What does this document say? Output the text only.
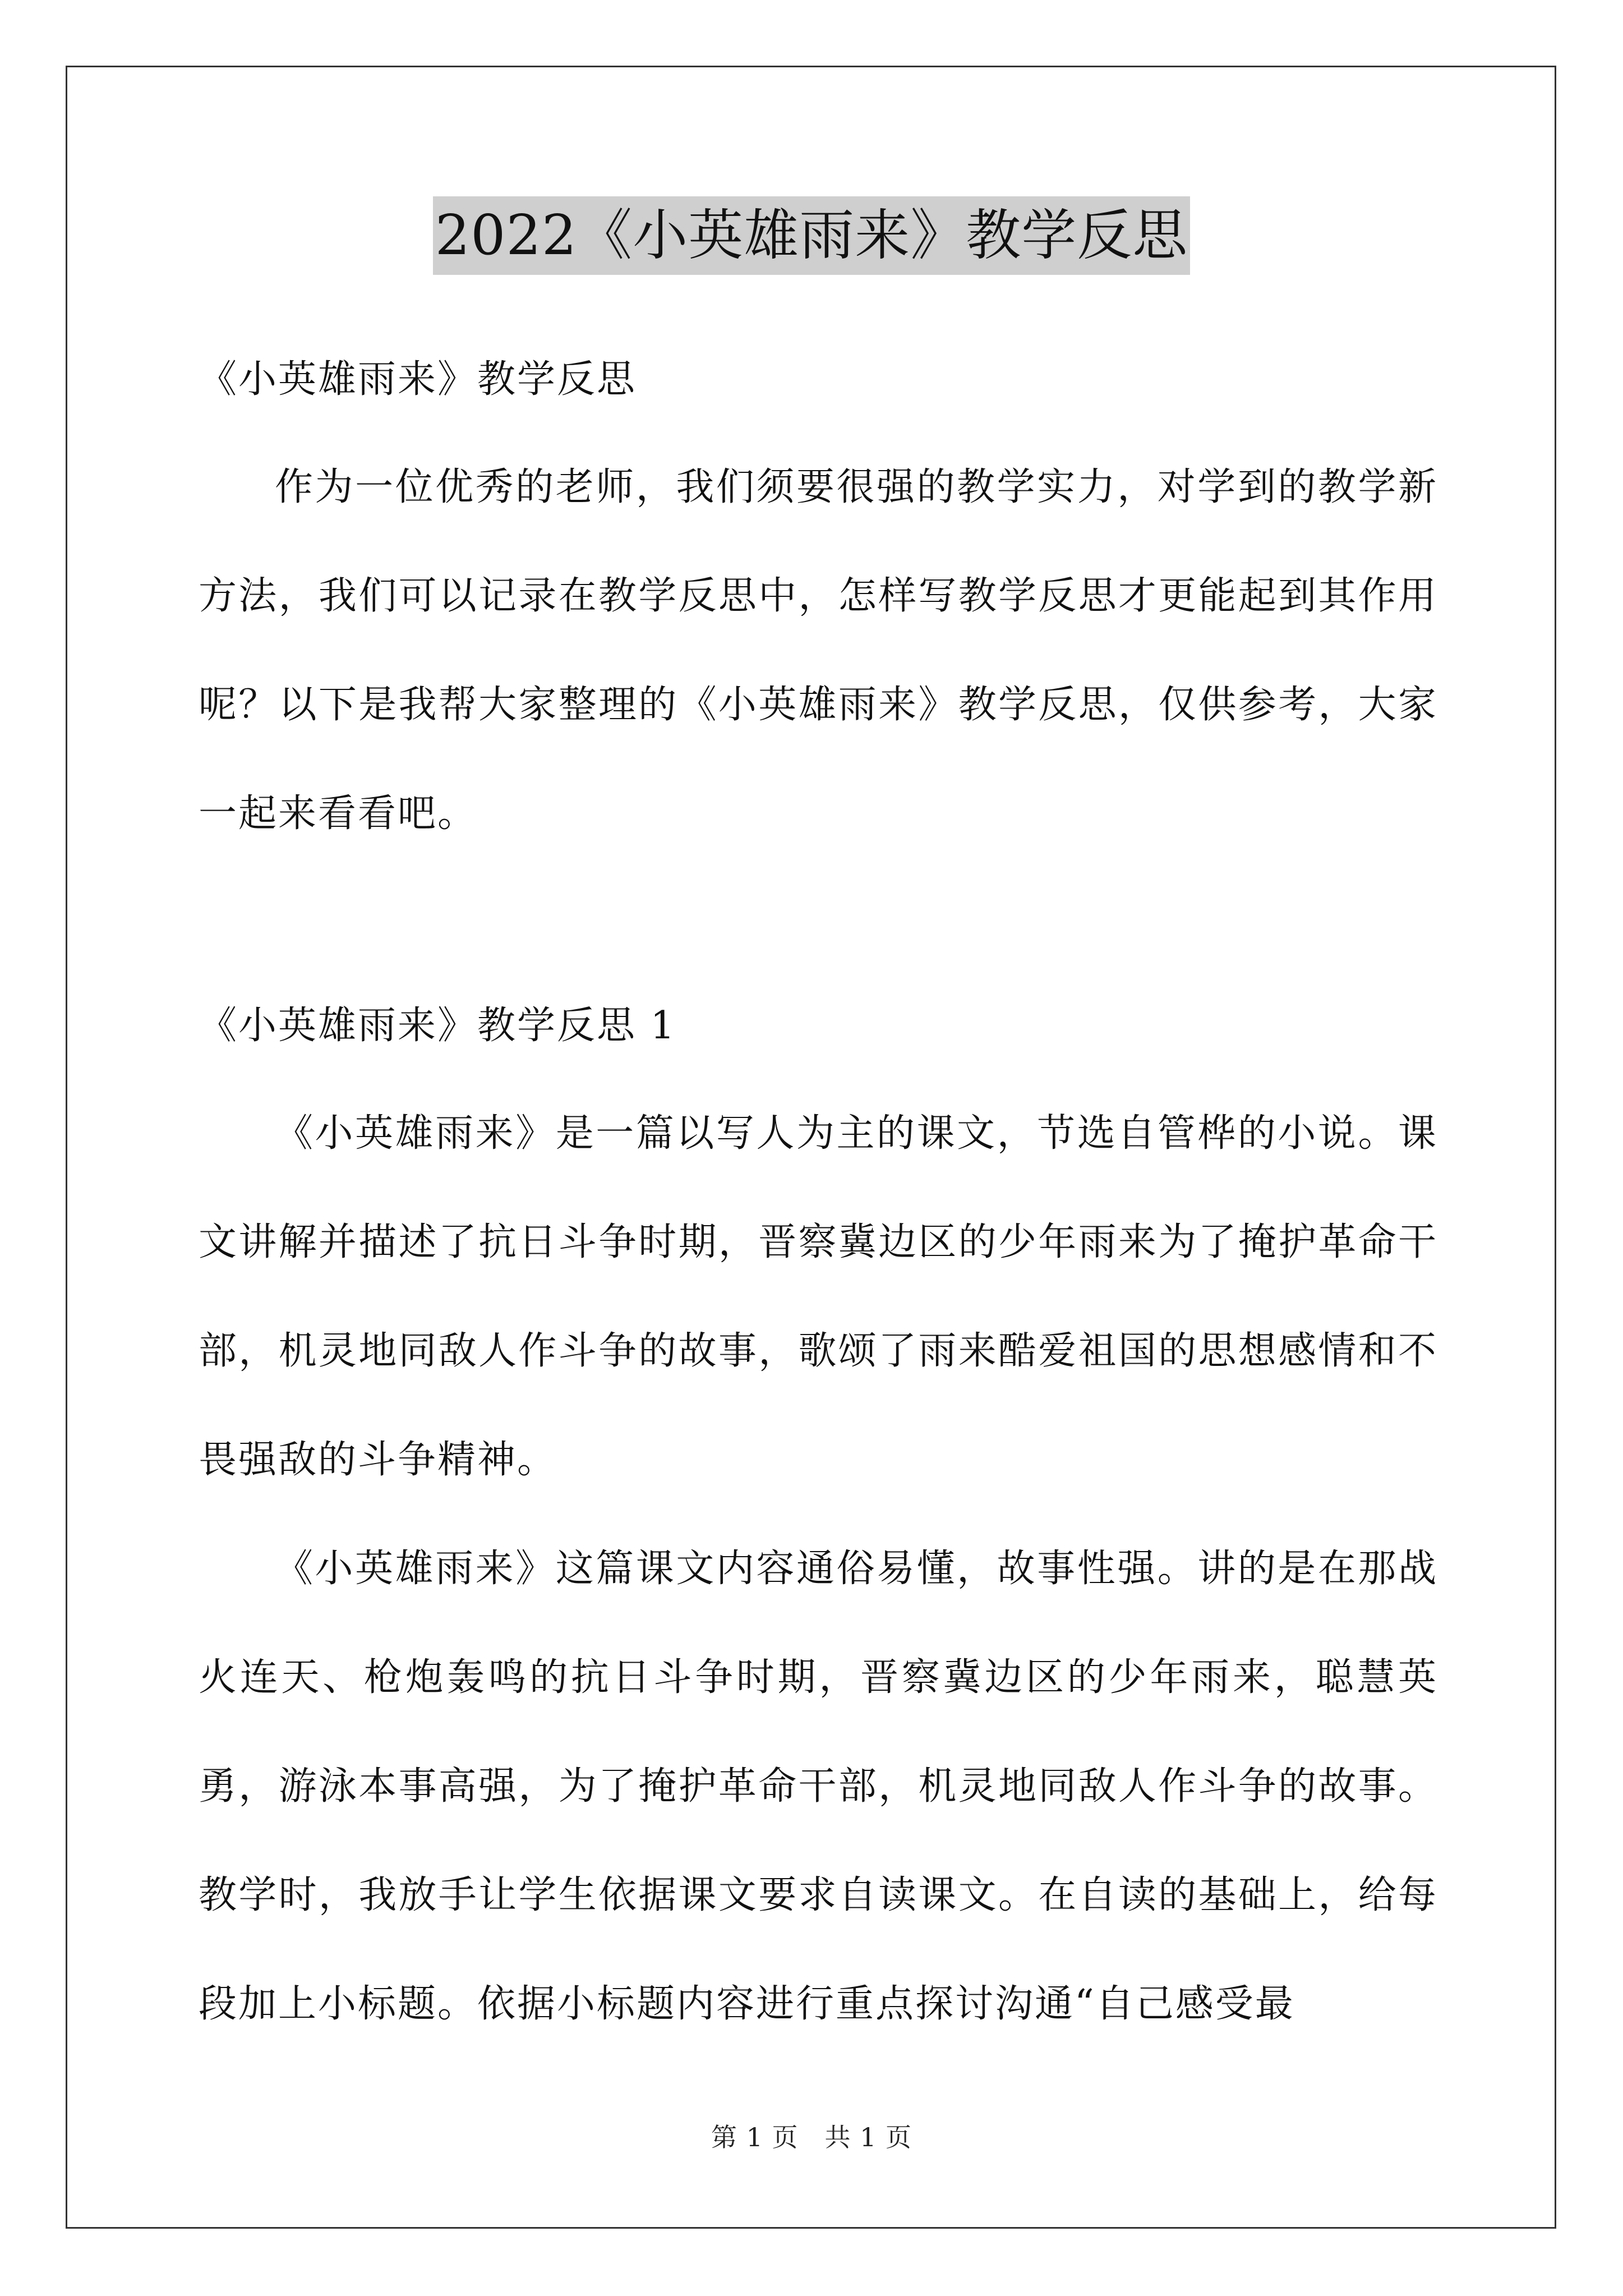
2022《小英雄雨来》教学反思

《小英雄雨来》教学反思

作为一位优秀的老师，我们须要很强的教学实力，对学到的教学新方法，我们可以记录在教学反思中，怎样写教学反思才更能起到其作用呢？以下是我帮大家整理的《小英雄雨来》教学反思，仅供参考，大家一起来看看吧。

《小英雄雨来》教学反思 1

《小英雄雨来》是一篇以写人为主的课文，节选自管桦的小说。课文讲解并描述了抗日斗争时期，晋察冀边区的少年雨来为了掩护革命干部，机灵地同敌人作斗争的故事，歌颂了雨来酷爱祖国的思想感情和不畏强敌的斗争精神。

《小英雄雨来》这篇课文内容通俗易懂，故事性强。讲的是在那战火连天、枪炮轰鸣的抗日斗争时期，晋察冀边区的少年雨来，聪慧英勇，游泳本事高强，为了掩护革命干部，机灵地同敌人作斗争的故事。教学时，我放手让学生依据课文要求自读课文。在自读的基础上，给每段加上小标题。依据小标题内容进行重点探讨沟通“自己感受最

第 1 页　共 1 页
